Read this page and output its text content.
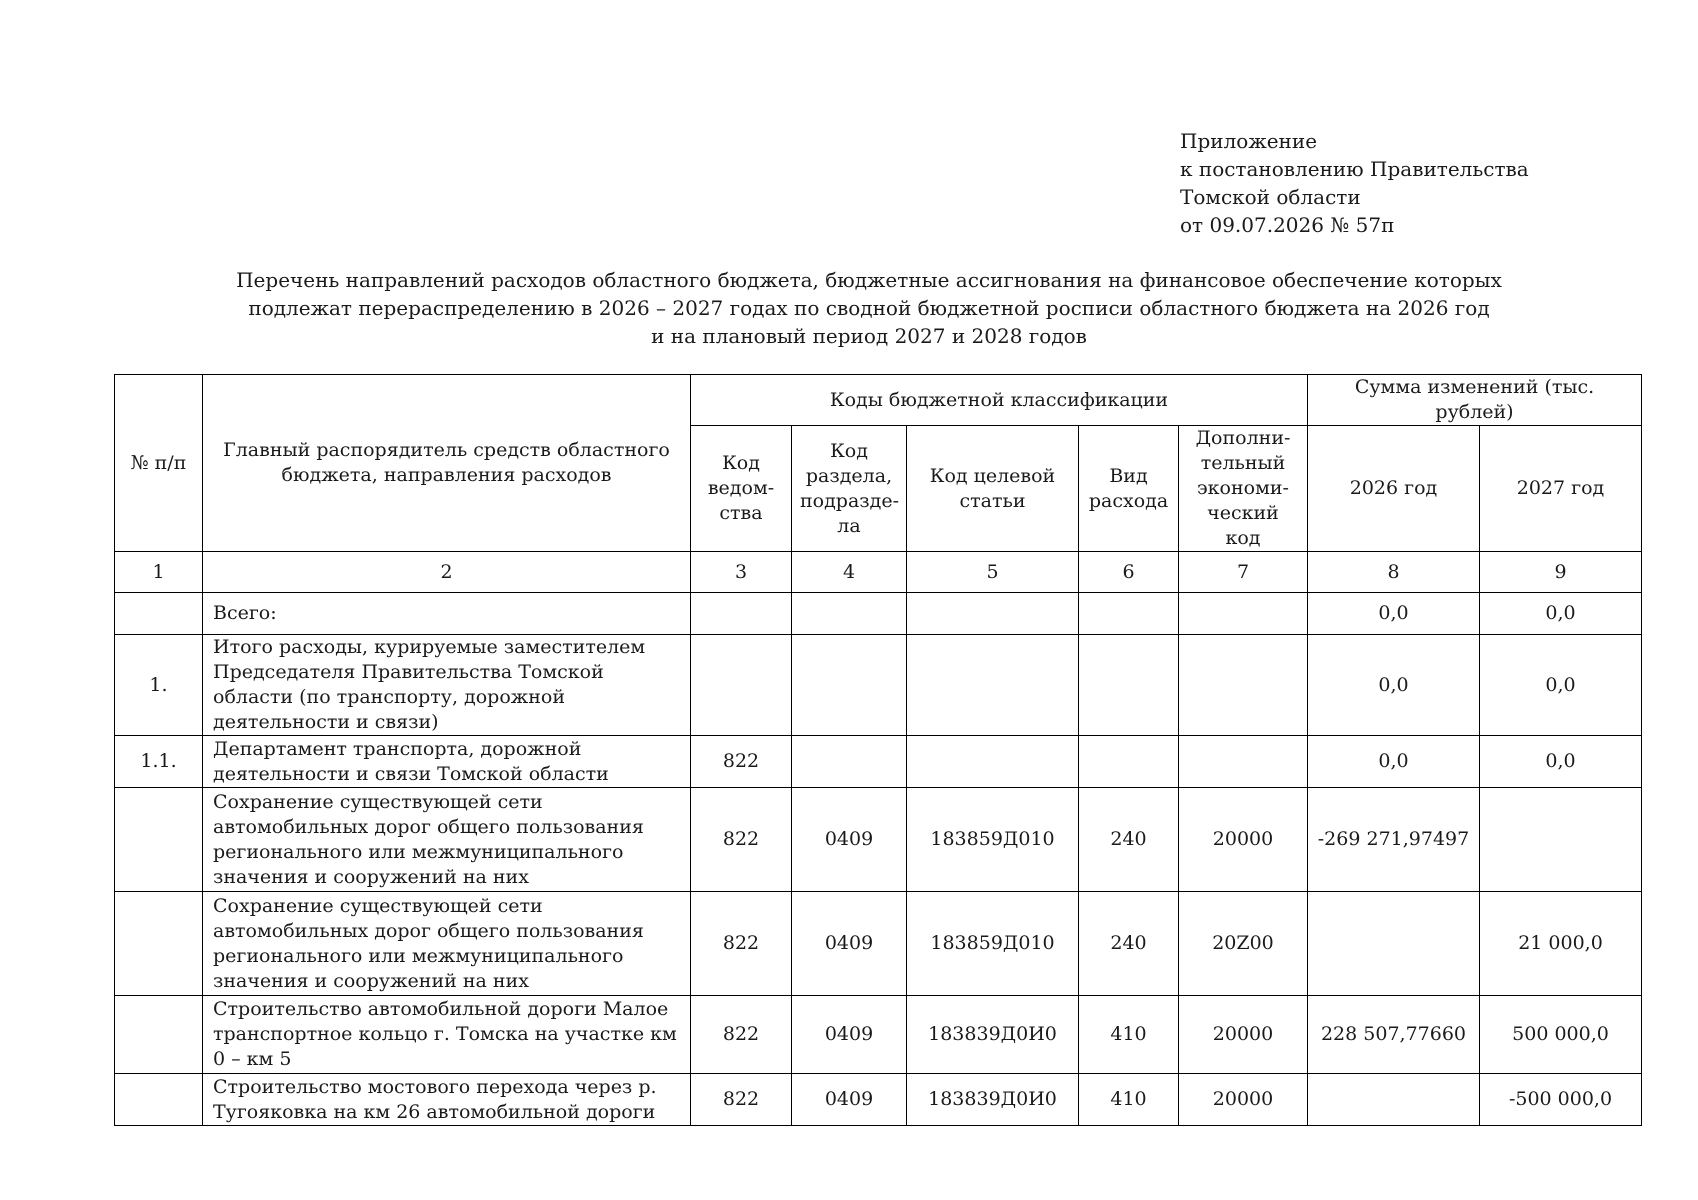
Приложение
к постановлению Правительства
Томской области
от 09.07.2026 № 57п
Перечень направлений расходов областного бюджета, бюджетные ассигнования на финансовое обеспечение которых
подлежат перераспределению в 2026 – 2027 годах по сводной бюджетной росписи областного бюджета на 2026 год
и на плановый период 2027 и 2028 годов
№ п/п	Главный распорядитель средств областного бюджета, направления расходов	Коды бюджетной классификации					Сумма изменений (тыс. рублей)	
		Код ведом- ства	Код раздела, подразде- ла	Код целевой статьи	Вид расхода	Дополни- тельный экономи- ческий код	2026 год	2027 год
1	2	3	4	5	6	7	8	9
	Всего:						0,0	0,0
1.	Итого расходы, курируемые заместителем Председателя Правительства Томской области (по транспорту, дорожной деятельности и связи)						0,0	0,0
1.1.	Департамент транспорта, дорожной деятельности и связи Томской области	822					0,0	0,0
	Сохранение существующей сети автомобильных дорог общего пользования регионального или межмуниципального значения и сооружений на них	822	0409	183859Д010	240	20000	-269 271,97497	
	Сохранение существующей сети автомобильных дорог общего пользования регионального или межмуниципального значения и сооружений на них	822	0409	183859Д010	240	20Z00		21 000,0
	Строительство автомобильной дороги Малое транспортное кольцо г. Томска на участке км 0 – км 5	822	0409	183839Д0И0	410	20000	228 507,77660	500 000,0
	Строительство мостового перехода через р. Тугояковка на км 26 автомобильной дороги	822	0409	183839Д0И0	410	20000		-500 000,0
